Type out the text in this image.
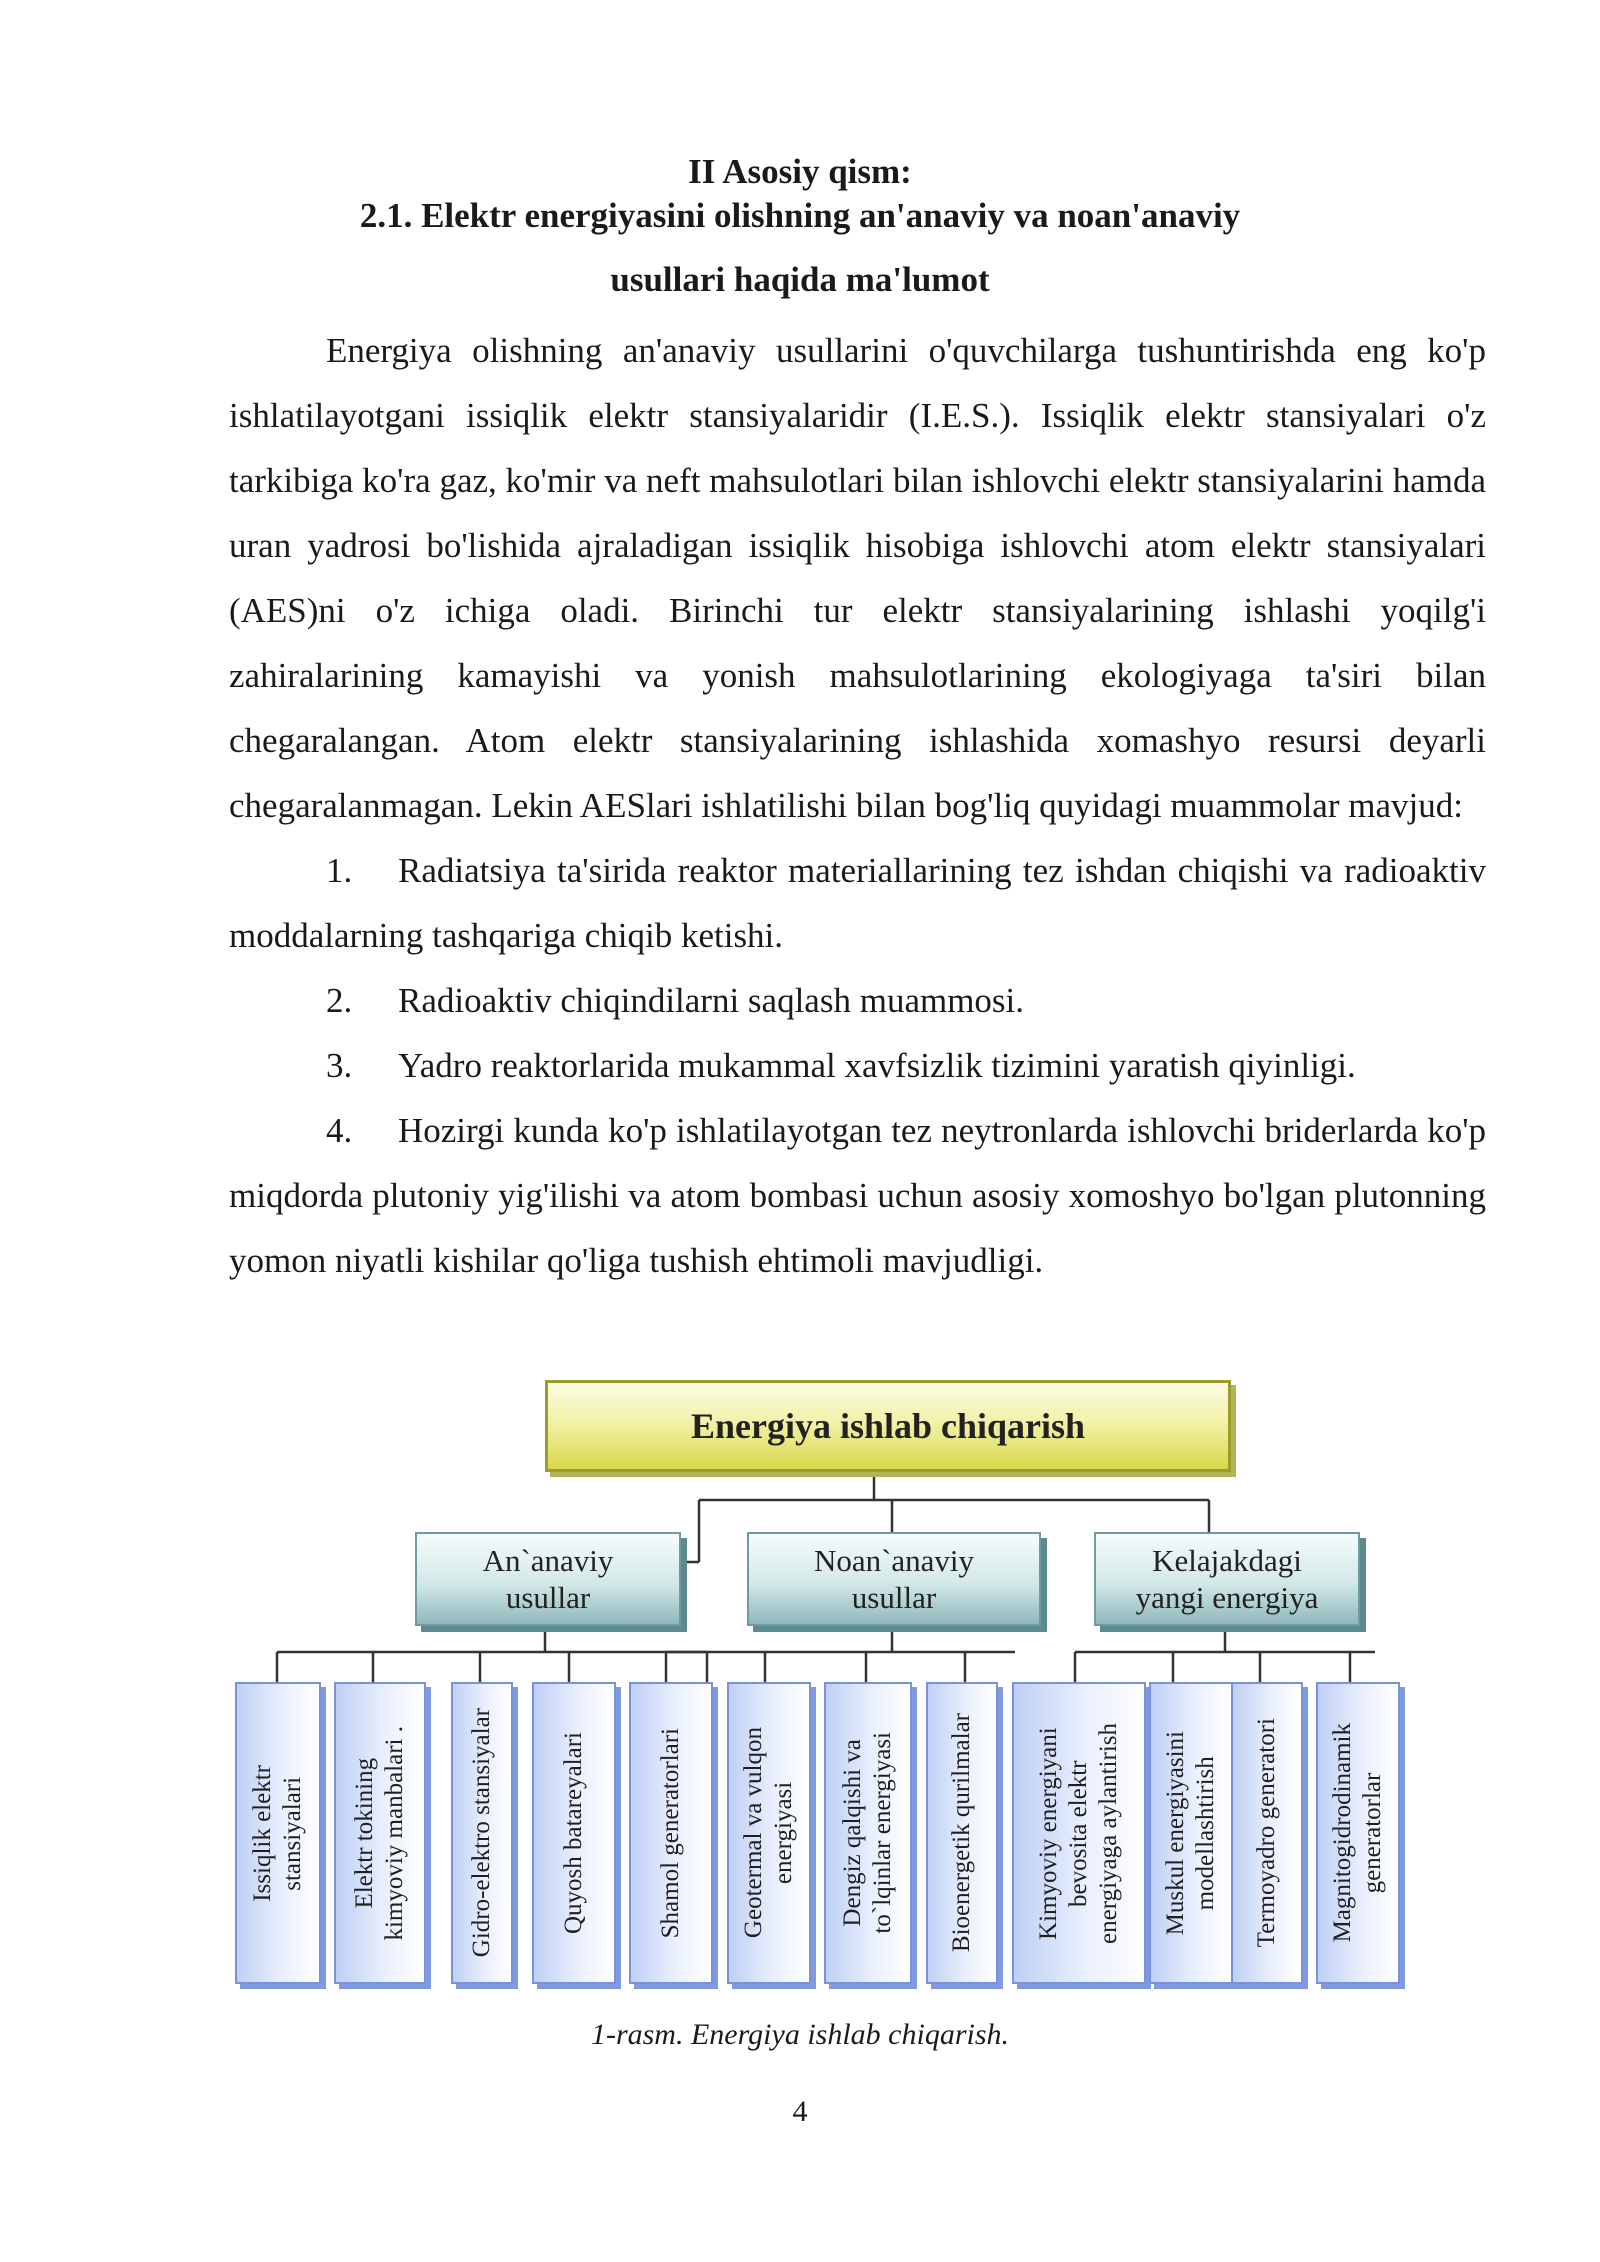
II Asosiy qism:
2.1. Elektr energiyasini olishning an'anaviy va noan'anaviy
usullari haqida ma'lumot

Energiya olishning an'anaviy usullarini o'quvchilarga tushuntirishda eng ko'p ishlatilayotgani issiqlik elektr stansiyalaridir (I.E.S.). Issiqlik elektr stansiyalari o'z tarkibiga ko'ra gaz, ko'mir va neft mahsulotlari bilan ishlovchi elektr stansiyalarini hamda uran yadrosi bo'lishida ajraladigan issiqlik hisobiga ishlovchi atom elektr stansiyalari (AES)ni o'z ichiga oladi. Birinchi tur elektr stansiyalarining ishlashi yoqilg'i zahiralarining kamayishi va yonish mahsulotlarining ekologiyaga ta'siri bilan chegaralangan. Atom elektr stansiyalarining ishlashida xomashyo resursi deyarli chegaralanmagan. Lekin AESlari ishlatilishi bilan bog'liq quyidagi muammolar mavjud:

1. Radiatsiya ta'sirida reaktor materiallarining tez ishdan chiqishi va radioaktiv moddalarning tashqariga chiqib ketishi.

2. Radioaktiv chiqindilarni saqlash muammosi.

3. Yadro reaktorlarida mukammal xavfsizlik tizimini yaratish qiyinligi.

4. Hozirgi kunda ko'p ishlatilayotgan tez neytronlarda ishlovchi briderlarda ko'p miqdorda plutoniy yig'ilishi va atom bombasi uchun asosiy xomoshyo bo'lgan plutonning yomon niyatli kishilar qo'liga tushish ehtimoli mavjudligi.

Energiya ishlab chiqarish
An`anaviy
usullar
Noan`anaviy
usullar
Kelajakdagi
yangi energiya
Issiqlik elektr
stansiyalari Elektr tokining
kimyoviy manbalari . Gidro-elektro stansiyalar	Quyosh batareyalari	Shamol generatorlari Geotermal va vulqon
energiyasi
Dengiz qalqishi va
to`lqinlar energiyasi Bioenergetik qurilmalar Kimyoviy energiyani
bevosita elektr
energiyaga aylantirish
Muskul energiyasini
modellashtirish Termoyadro generatori Magnitogidrodinamik
generatorlar
1-rasm. Energiya ishlab chiqarish.
4
